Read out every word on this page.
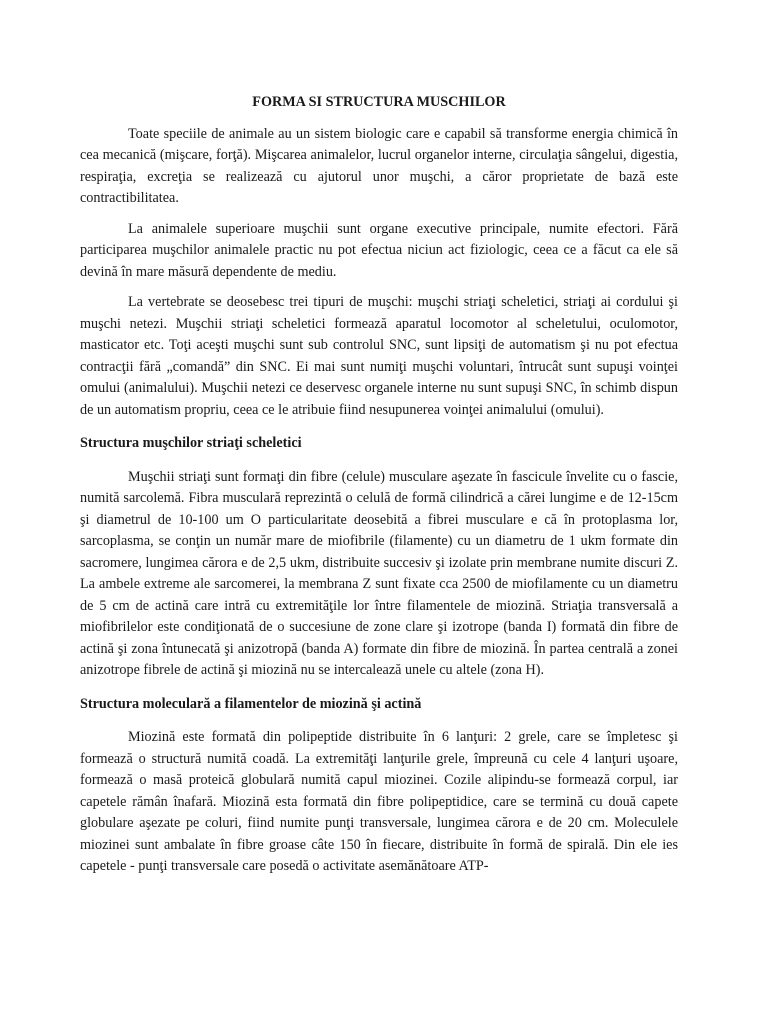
FORMA SI STRUCTURA MUSCHILOR

Toate speciile de animale au un sistem biologic care e capabil să transforme energia chimică în cea mecanică (mişcare, forţă). Mişcarea animalelor, lucrul organelor interne, circulaţia sângelui, digestia, respiraţia, excreţia se realizează cu ajutorul unor muşchi, a căror proprietate de bază este contractibilitatea.

La animalele superioare muşchii sunt organe executive principale, numite efectori. Fără participarea muşchilor animalele practic nu pot efectua niciun act fiziologic, ceea ce a făcut ca ele să devină în mare măsură dependente de mediu.

La vertebrate se deosebesc trei tipuri de muşchi: muşchi striaţi scheletici, striaţi ai cordului şi muşchi netezi. Muşchii striaţi scheletici formează aparatul locomotor al scheletului, oculomotor, masticator etc. Toţi aceşti muşchi sunt sub controlul SNC, sunt lipsiţi de automatism şi nu pot efectua contracţii fără „comandă” din SNC. Ei mai sunt numiţi muşchi voluntari, întrucât sunt supuşi voinţei omului (animalului). Muşchii netezi ce deservesc organele interne nu sunt supuşi SNC, în schimb dispun de un automatism propriu, ceea ce le atribuie fiind nesupunerea voinţei animalului (omului).

Structura muşchilor striaţi scheletici

Muşchii striaţi sunt formaţi din fibre (celule) musculare aşezate în fascicule învelite cu o fascie, numită sarcolemă. Fibra musculară reprezintă o celulă de formă cilindrică a cărei lungime e de 12-15cm şi diametrul de 10-100 um O particularitate deosebită a fibrei musculare e că în protoplasma lor, sarcoplasma, se conţin un număr mare de miofibrile (filamente) cu un diametru de 1 ukm formate din sacromere, lungimea cărora e de 2,5 ukm, distribuite succesiv şi izolate prin membrane numite discuri Z. La ambele extreme ale sarcomerei, la membrana Z sunt fixate cca 2500 de miofilamente cu un diametru de 5 cm de actină care intră cu extremităţile lor între filamentele de miozină. Striaţia transversală a miofibrilelor este condiţionată de o succesiune de zone clare şi izotrope (banda I) formată din fibre de actină şi zona întunecată şi anizotropă (banda A) formate din fibre de miozină. În partea centrală a zonei anizotrope fibrele de actină şi miozină nu se intercalează unele cu altele (zona H).

Structura moleculară a filamentelor de miozină şi actină

Miozină este formată din polipeptide distribuite în 6 lanţuri: 2 grele, care se împletesc şi formează o structură numită coadă. La extremităţi lanţurile grele, împreună cu cele 4 lanţuri uşoare, formează o masă proteică globulară numită capul miozinei. Cozile alipindu-se formează corpul, iar capetele rămân înafară. Miozină esta formată din fibre polipeptidice, care se termină cu două capete globulare aşezate pe coluri, fiind numite punţi transversale, lungimea cărora e de 20 cm. Moleculele miozinei sunt ambalate în fibre groase câte 150 în fiecare, distribuite în formă de spirală. Din ele ies capetele - punţi transversale care posedă o activitate asemănătoare ATP-
